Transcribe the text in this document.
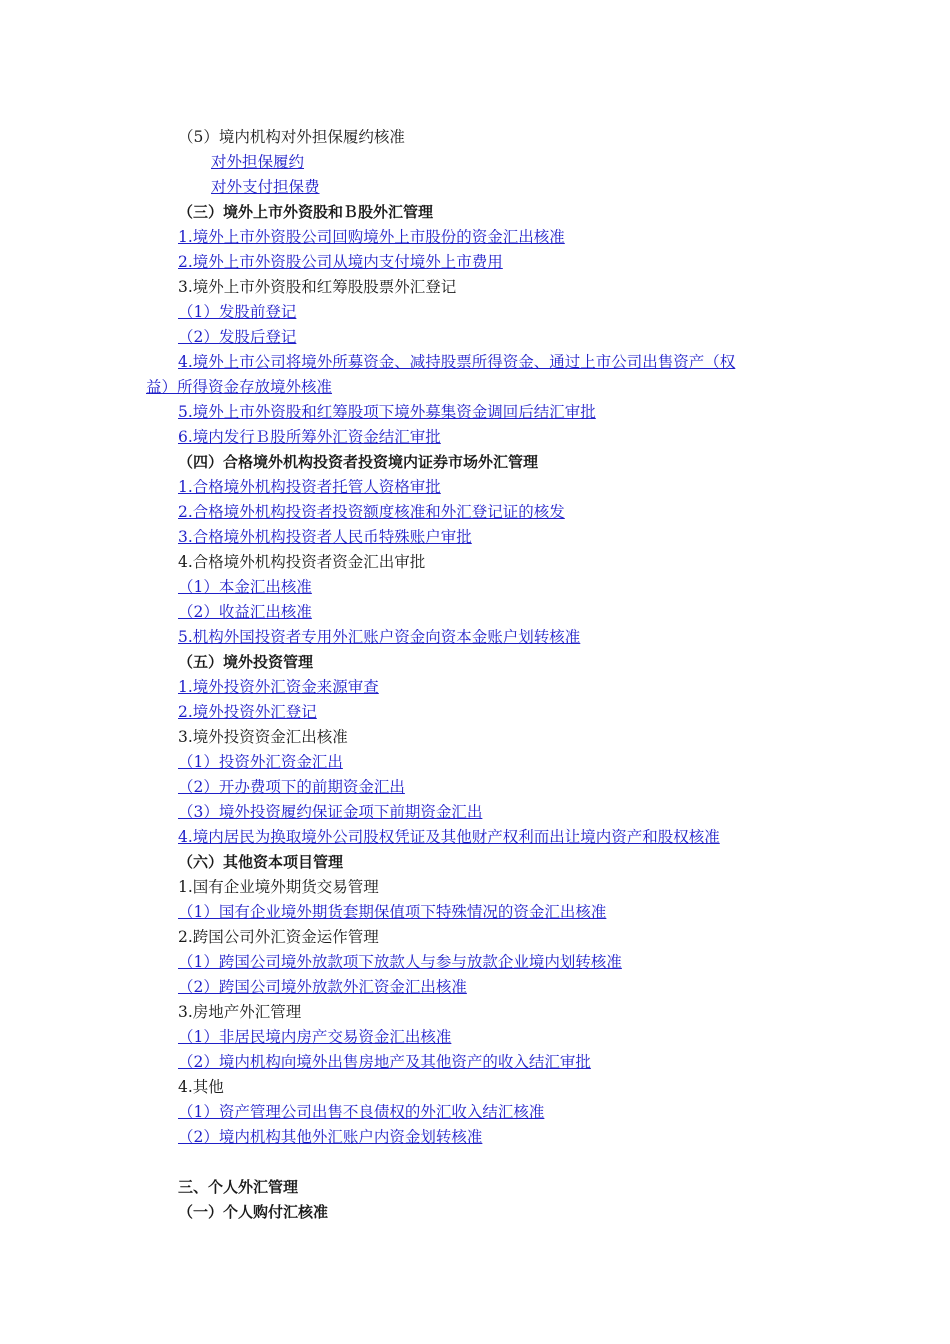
（5）境内机构对外担保履约核准
对外担保履约
对外支付担保费
（三）境外上市外资股和Ｂ股外汇管理
1.境外上市外资股公司回购境外上市股份的资金汇出核准
2.境外上市外资股公司从境内支付境外上市费用
3.境外上市外资股和红筹股股票外汇登记
（1）发股前登记
（2）发股后登记
4.境外上市公司将境外所募资金、减持股票所得资金、通过上市公司出售资产（权
益）所得资金存放境外核准
5.境外上市外资股和红筹股项下境外募集资金调回后结汇审批
6.境内发行Ｂ股所筹外汇资金结汇审批
（四）合格境外机构投资者投资境内证券市场外汇管理
1.合格境外机构投资者托管人资格审批
2.合格境外机构投资者投资额度核准和外汇登记证的核发
3.合格境外机构投资者人民币特殊账户审批
4.合格境外机构投资者资金汇出审批
（1）本金汇出核准
（2）收益汇出核准
5.机构外国投资者专用外汇账户资金向资本金账户划转核准
（五）境外投资管理
1.境外投资外汇资金来源审查
2.境外投资外汇登记
3.境外投资资金汇出核准
（1）投资外汇资金汇出
（2）开办费项下的前期资金汇出
（3）境外投资履约保证金项下前期资金汇出
4.境内居民为换取境外公司股权凭证及其他财产权利而出让境内资产和股权核准
（六）其他资本项目管理
1.国有企业境外期货交易管理
（1）国有企业境外期货套期保值项下特殊情况的资金汇出核准
2.跨国公司外汇资金运作管理
（1）跨国公司境外放款项下放款人与参与放款企业境内划转核准
（2）跨国公司境外放款外汇资金汇出核准
3.房地产外汇管理
（1）非居民境内房产交易资金汇出核准
（2）境内机构向境外出售房地产及其他资产的收入结汇审批
4.其他
（1）资产管理公司出售不良债权的外汇收入结汇核准
（2）境内机构其他外汇账户内资金划转核准
三、个人外汇管理
（一）个人购付汇核准
